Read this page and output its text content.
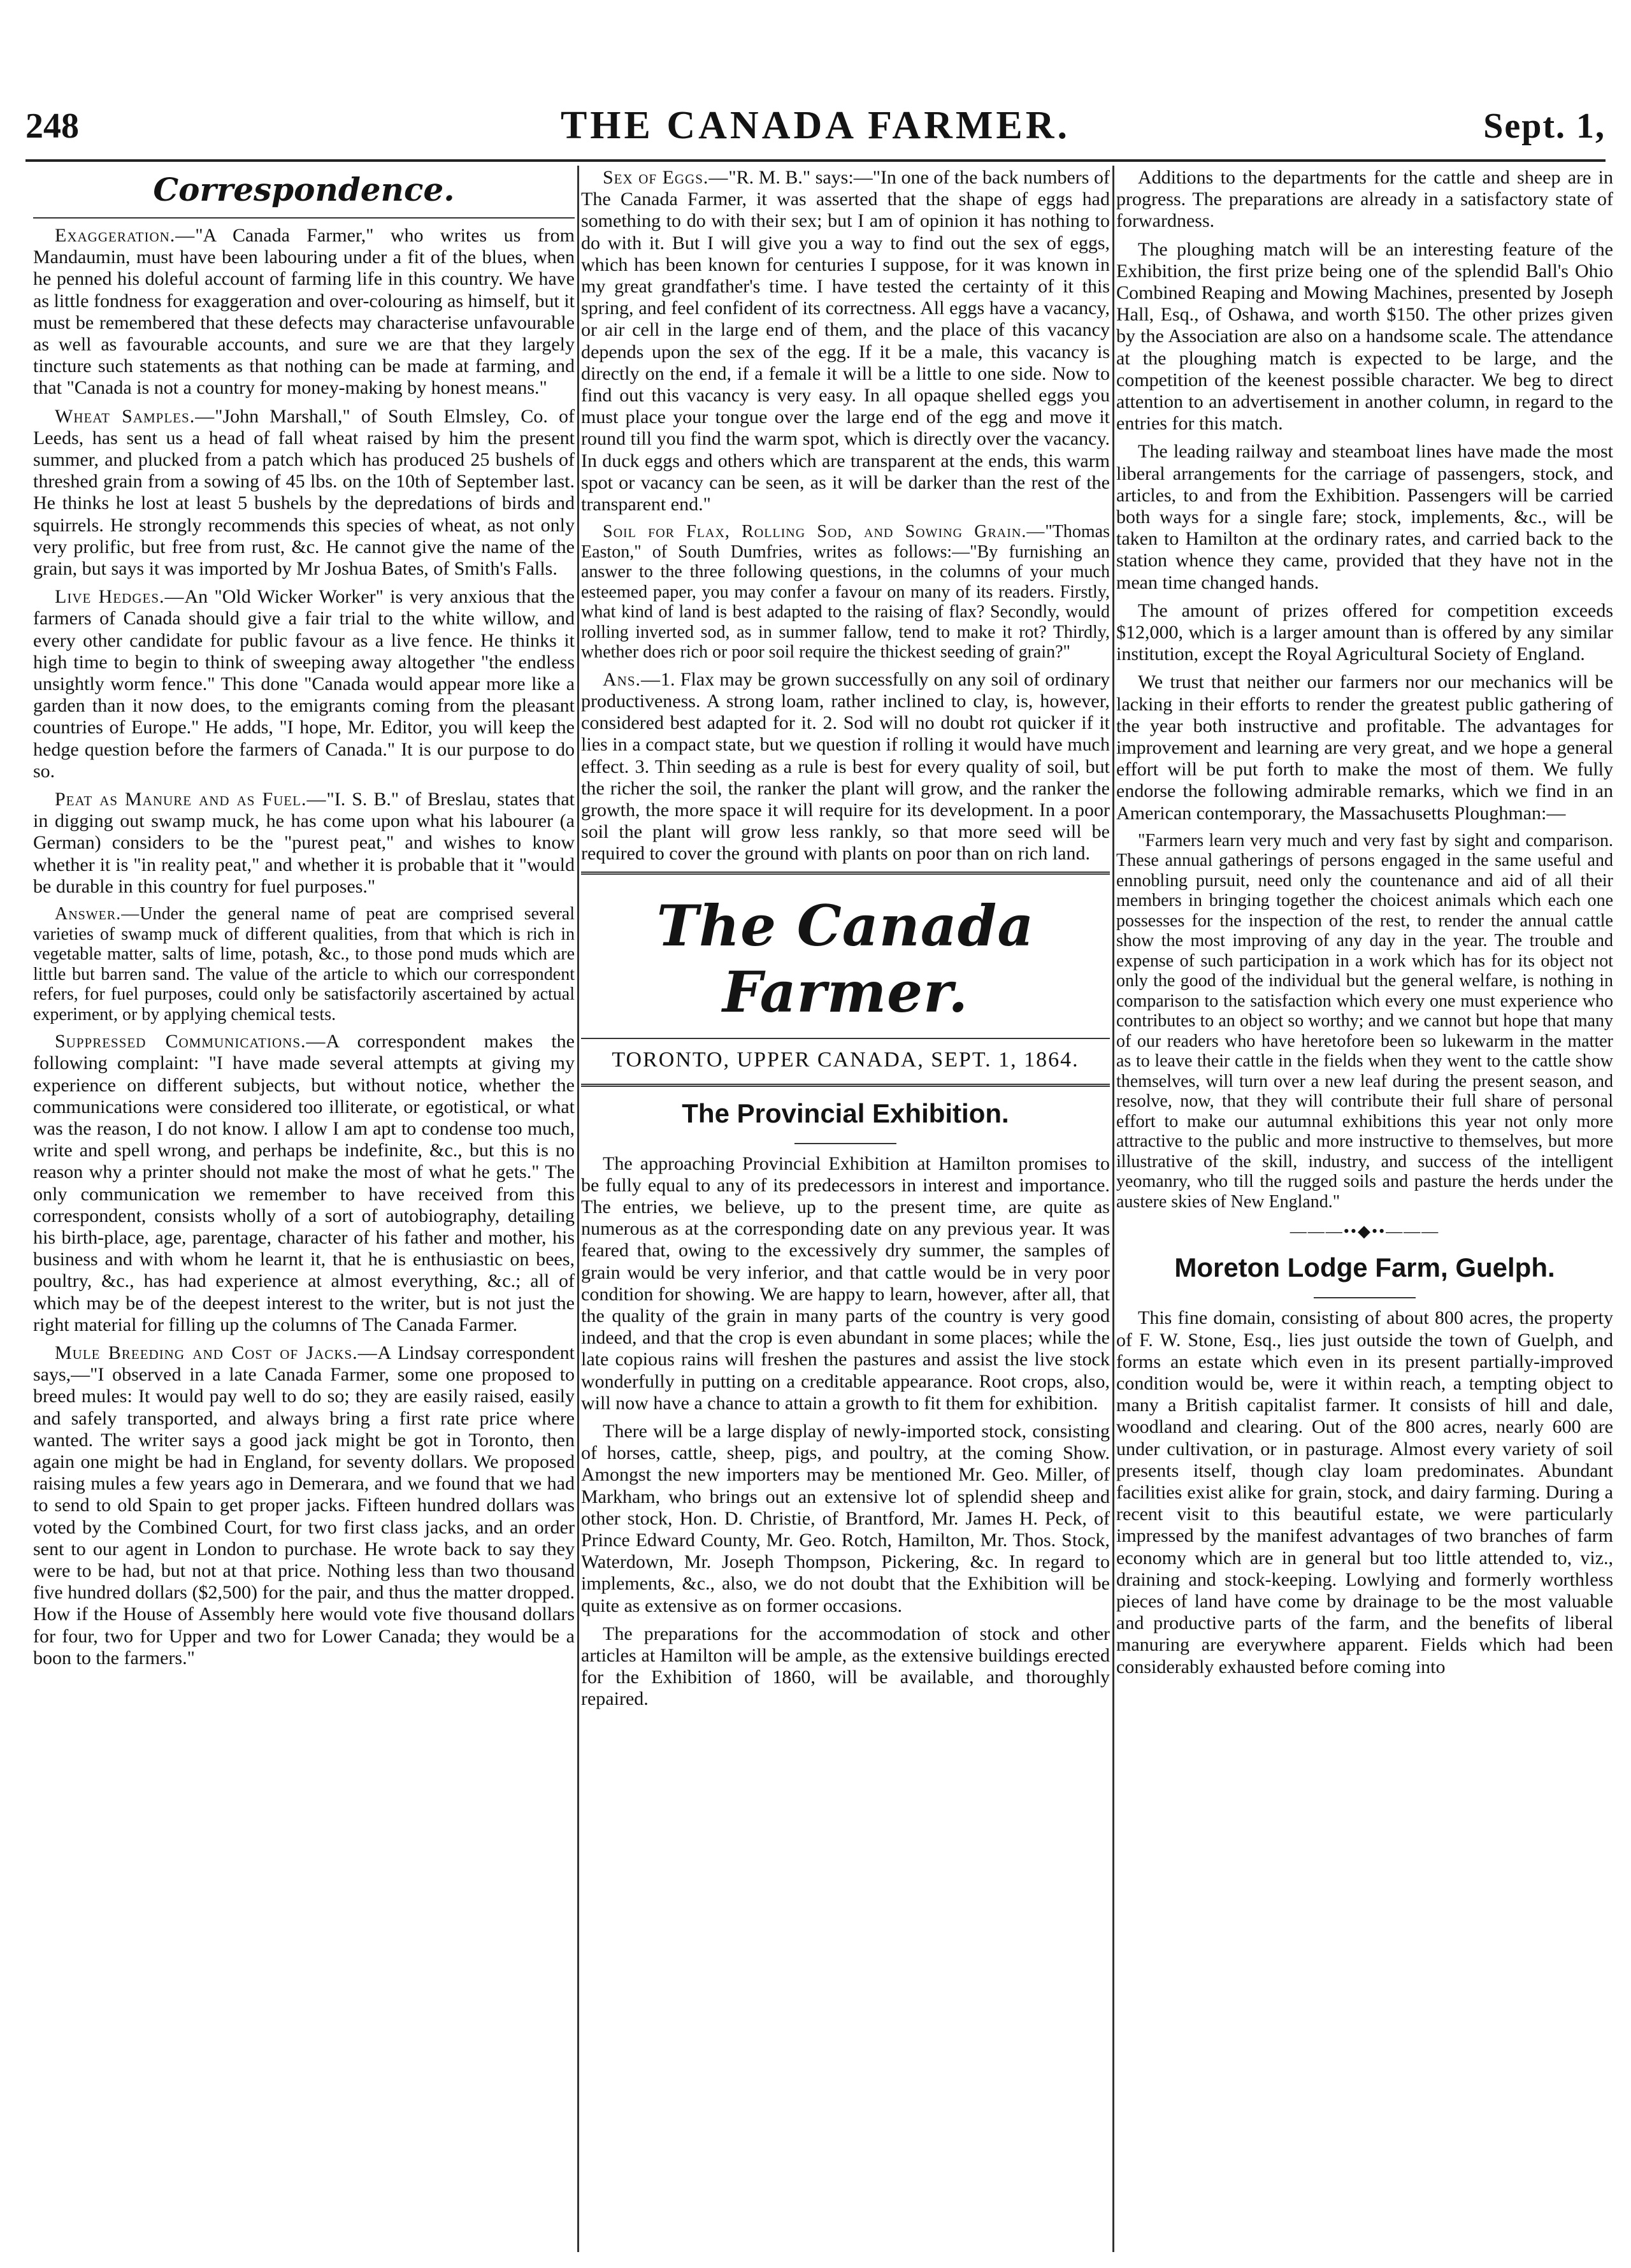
248	THE CANADA FARMER.	Sept. 1,
Correspondence.

Exaggeration.—"A Canada Farmer," who writes us from Mandaumin, must have been labouring under a fit of the blues, when he penned his doleful account of farming life in this country. We have as little fondness for exaggeration and over-colouring as himself, but it must be remembered that these defects may characterise unfavourable as well as favourable accounts, and sure we are that they largely tincture such statements as that nothing can be made at farming, and that "Canada is not a country for money-making by honest means."

Wheat Samples.—"John Marshall," of South Elmsley, Co. of Leeds, has sent us a head of fall wheat raised by him the present summer, and plucked from a patch which has produced 25 bushels of threshed grain from a sowing of 45 lbs. on the 10th of September last. He thinks he lost at least 5 bushels by the depredations of birds and squirrels. He strongly recommends this species of wheat, as not only very prolific, but free from rust, &c. He cannot give the name of the grain, but says it was imported by Mr Joshua Bates, of Smith's Falls.

Live Hedges.—An "Old Wicker Worker" is very anxious that the farmers of Canada should give a fair trial to the white willow, and every other candidate for public favour as a live fence. He thinks it high time to begin to think of sweeping away altogether "the endless unsightly worm fence." This done "Canada would appear more like a garden than it now does, to the emigrants coming from the pleasant countries of Europe." He adds, "I hope, Mr. Editor, you will keep the hedge question before the farmers of Canada." It is our purpose to do so.

Peat as Manure and as Fuel.—"I. S. B." of Breslau, states that in digging out swamp muck, he has come upon what his labourer (a German) considers to be the "purest peat," and wishes to know whether it is "in reality peat," and whether it is probable that it "would be durable in this country for fuel purposes."

Answer.—Under the general name of peat are comprised several varieties of swamp muck of different qualities, from that which is rich in vegetable matter, salts of lime, potash, &c., to those pond muds which are little but barren sand. The value of the article to which our correspondent refers, for fuel purposes, could only be satisfactorily ascertained by actual experiment, or by applying chemical tests.

Suppressed Communications.—A correspondent makes the following complaint: "I have made several attempts at giving my experience on different subjects, but without notice, whether the communications were considered too illiterate, or egotistical, or what was the reason, I do not know. I allow I am apt to condense too much, write and spell wrong, and perhaps be indefinite, &c., but this is no reason why a printer should not make the most of what he gets." The only communication we remember to have received from this correspondent, consists wholly of a sort of autobiography, detailing his birth-place, age, parentage, character of his father and mother, his business and with whom he learnt it, that he is enthusiastic on bees, poultry, &c., has had experience at almost everything, &c.; all of which may be of the deepest interest to the writer, but is not just the right material for filling up the columns of The Canada Farmer.

Mule Breeding and Cost of Jacks.—A Lindsay correspondent says,—"I observed in a late Canada Farmer, some one proposed to breed mules: It would pay well to do so; they are easily raised, easily and safely transported, and always bring a first rate price where wanted. The writer says a good jack might be got in Toronto, then again one might be had in England, for seventy dollars. We proposed raising mules a few years ago in Demerara, and we found that we had to send to old Spain to get proper jacks. Fifteen hundred dollars was voted by the Combined Court, for two first class jacks, and an order sent to our agent in London to purchase. He wrote back to say they were to be had, but not at that price. Nothing less than two thousand five hundred dollars ($2,500) for the pair, and thus the matter dropped. How if the House of Assembly here would vote five thousand dollars for four, two for Upper and two for Lower Canada; they would be a boon to the farmers."

Sex of Eggs.—"R. M. B." says:—"In one of the back numbers of The Canada Farmer, it was asserted that the shape of eggs had something to do with their sex; but I am of opinion it has nothing to do with it. But I will give you a way to find out the sex of eggs, which has been known for centuries I suppose, for it was known in my great grandfather's time. I have tested the certainty of it this spring, and feel confident of its correctness. All eggs have a vacancy, or air cell in the large end of them, and the place of this vacancy depends upon the sex of the egg. If it be a male, this vacancy is directly on the end, if a female it will be a little to one side. Now to find out this vacancy is very easy. In all opaque shelled eggs you must place your tongue over the large end of the egg and move it round till you find the warm spot, which is directly over the vacancy. In duck eggs and others which are transparent at the ends, this warm spot or vacancy can be seen, as it will be darker than the rest of the transparent end."

Soil for Flax, Rolling Sod, and Sowing Grain.—"Thomas Easton," of South Dumfries, writes as follows:—"By furnishing an answer to the three following questions, in the columns of your much esteemed paper, you may confer a favour on many of its readers. Firstly, what kind of land is best adapted to the raising of flax? Secondly, would rolling inverted sod, as in summer fallow, tend to make it rot? Thirdly, whether does rich or poor soil require the thickest seeding of grain?"

Ans.—1. Flax may be grown successfully on any soil of ordinary productiveness. A strong loam, rather inclined to clay, is, however, considered best adapted for it. 2. Sod will no doubt rot quicker if it lies in a compact state, but we question if rolling it would have much effect. 3. Thin seeding as a rule is best for every quality of soil, but the richer the soil, the ranker the plant will grow, and the ranker the growth, the more space it will require for its development. In a poor soil the plant will grow less rankly, so that more seed will be required to cover the ground with plants on poor than on rich land.

The Canada Farmer.
TORONTO, UPPER CANADA, SEPT. 1, 1864.
The Provincial Exhibition.

The approaching Provincial Exhibition at Hamilton promises to be fully equal to any of its predecessors in interest and importance. The entries, we believe, up to the present time, are quite as numerous as at the corresponding date on any previous year. It was feared that, owing to the excessively dry summer, the samples of grain would be very inferior, and that cattle would be in very poor condition for showing. We are happy to learn, however, after all, that the quality of the grain in many parts of the country is very good indeed, and that the crop is even abundant in some places; while the late copious rains will freshen the pastures and assist the live stock wonderfully in putting on a creditable appearance. Root crops, also, will now have a chance to attain a growth to fit them for exhibition.

There will be a large display of newly-imported stock, consisting of horses, cattle, sheep, pigs, and poultry, at the coming Show. Amongst the new importers may be mentioned Mr. Geo. Miller, of Markham, who brings out an extensive lot of splendid sheep and other stock, Hon. D. Christie, of Brantford, Mr. James H. Peck, of Prince Edward County, Mr. Geo. Rotch, Hamilton, Mr. Thos. Stock, Waterdown, Mr. Joseph Thompson, Pickering, &c. In regard to implements, &c., also, we do not doubt that the Exhibition will be quite as extensive as on former occasions.

The preparations for the accommodation of stock and other articles at Hamilton will be ample, as the extensive buildings erected for the Exhibition of 1860, will be available, and thoroughly repaired.

Additions to the departments for the cattle and sheep are in progress. The preparations are already in a satisfactory state of forwardness.

The ploughing match will be an interesting feature of the Exhibition, the first prize being one of the splendid Ball's Ohio Combined Reaping and Mowing Machines, presented by Joseph Hall, Esq., of Oshawa, and worth $150. The other prizes given by the Association are also on a handsome scale. The attendance at the ploughing match is expected to be large, and the competition of the keenest possible character. We beg to direct attention to an advertisement in another column, in regard to the entries for this match.

The leading railway and steamboat lines have made the most liberal arrangements for the carriage of passengers, stock, and articles, to and from the Exhibition. Passengers will be carried both ways for a single fare; stock, implements, &c., will be taken to Hamilton at the ordinary rates, and carried back to the station whence they came, provided that they have not in the mean time changed hands.

The amount of prizes offered for competition exceeds $12,000, which is a larger amount than is offered by any similar institution, except the Royal Agricultural Society of England.

We trust that neither our farmers nor our mechanics will be lacking in their efforts to render the greatest public gathering of the year both instructive and profitable. The advantages for improvement and learning are very great, and we hope a general effort will be put forth to make the most of them. We fully endorse the following admirable remarks, which we find in an American contemporary, the Massachusetts Ploughman:—

"Farmers learn very much and very fast by sight and comparison. These annual gatherings of persons engaged in the same useful and ennobling pursuit, need only the countenance and aid of all their members in bringing together the choicest animals which each one possesses for the inspection of the rest, to render the annual cattle show the most improving of any day in the year. The trouble and expense of such participation in a work which has for its object not only the good of the individual but the general welfare, is nothing in comparison to the satisfaction which every one must experience who contributes to an object so worthy; and we cannot but hope that many of our readers who have heretofore been so lukewarm in the matter as to leave their cattle in the fields when they went to the cattle show themselves, will turn over a new leaf during the present season, and resolve, now, that they will contribute their full share of personal effort to make our autumnal exhibitions this year not only more attractive to the public and more instructive to themselves, but more illustrative of the skill, industry, and success of the intelligent yeomanry, who till the rugged soils and pasture the herds under the austere skies of New England."

———••◆••———
Moreton Lodge Farm, Guelph.

This fine domain, consisting of about 800 acres, the property of F. W. Stone, Esq., lies just outside the town of Guelph, and forms an estate which even in its present partially-improved condition would be, were it within reach, a tempting object to many a British capitalist farmer. It consists of hill and dale, woodland and clearing. Out of the 800 acres, nearly 600 are under cultivation, or in pasturage. Almost every variety of soil presents itself, though clay loam predominates. Abundant facilities exist alike for grain, stock, and dairy farming. During a recent visit to this beautiful estate, we were particularly impressed by the manifest advantages of two branches of farm economy which are in general but too little attended to, viz., draining and stock-keeping. Lowlying and formerly worthless pieces of land have come by drainage to be the most valuable and productive parts of the farm, and the benefits of liberal manuring are everywhere apparent. Fields which had been considerably exhausted before coming into
